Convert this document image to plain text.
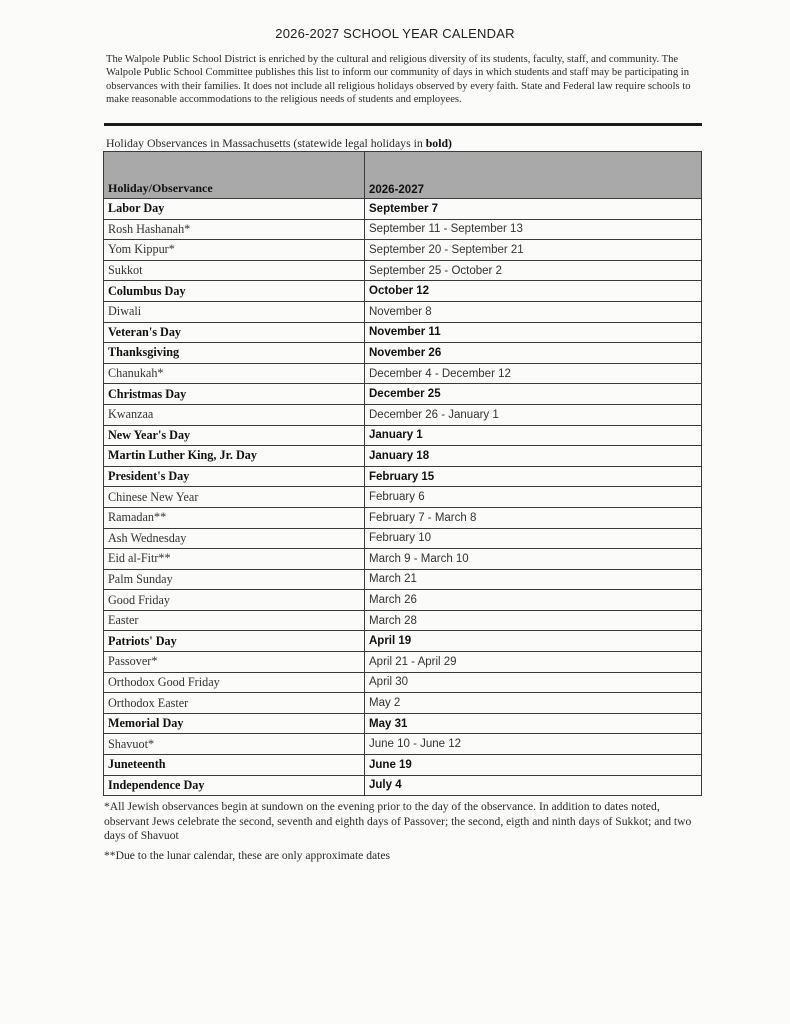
2026-2027 SCHOOL YEAR CALENDAR
The Walpole Public School District is enriched by the cultural and religious diversity of its students, faculty, staff, and community. The Walpole Public School Committee publishes this list to inform our community of days in which students and staff may be participating in observances with their families. It does not include all religious holidays observed by every faith. State and Federal law require schools to make reasonable accommodations to the religious needs of students and employees.
Holiday Observances in Massachusetts (statewide legal holidays in bold)
Holiday/Observance	2026-2027
Labor Day	September 7
Rosh Hashanah*	September 11 - September 13
Yom Kippur*	September 20 - September 21
Sukkot	September 25 - October 2
Columbus Day	October 12
Diwali	November 8
Veteran's Day	November 11
Thanksgiving	November 26
Chanukah*	December 4 - December 12
Christmas Day	December 25
Kwanzaa	December 26 - January 1
New Year's Day	January 1
Martin Luther King, Jr. Day	January 18
President's Day	February 15
Chinese New Year	February 6
Ramadan**	February 7 - March 8
Ash Wednesday	February 10
Eid al-Fitr**	March 9 - March 10
Palm Sunday	March 21
Good Friday	March 26
Easter	March 28
Patriots' Day	April 19
Passover*	April 21 - April 29
Orthodox Good Friday	April 30
Orthodox Easter	May 2
Memorial Day	May 31
Shavuot*	June 10 - June 12
Juneteenth	June 19
Independence Day	July 4

*All Jewish observances begin at sundown on the evening prior to the day of the observance. In addition to dates noted, observant Jews celebrate the second, seventh and eighth days of Passover; the second, eigth and ninth days of Sukkot; and two days of Shavuot

**Due to the lunar calendar, these are only approximate dates
